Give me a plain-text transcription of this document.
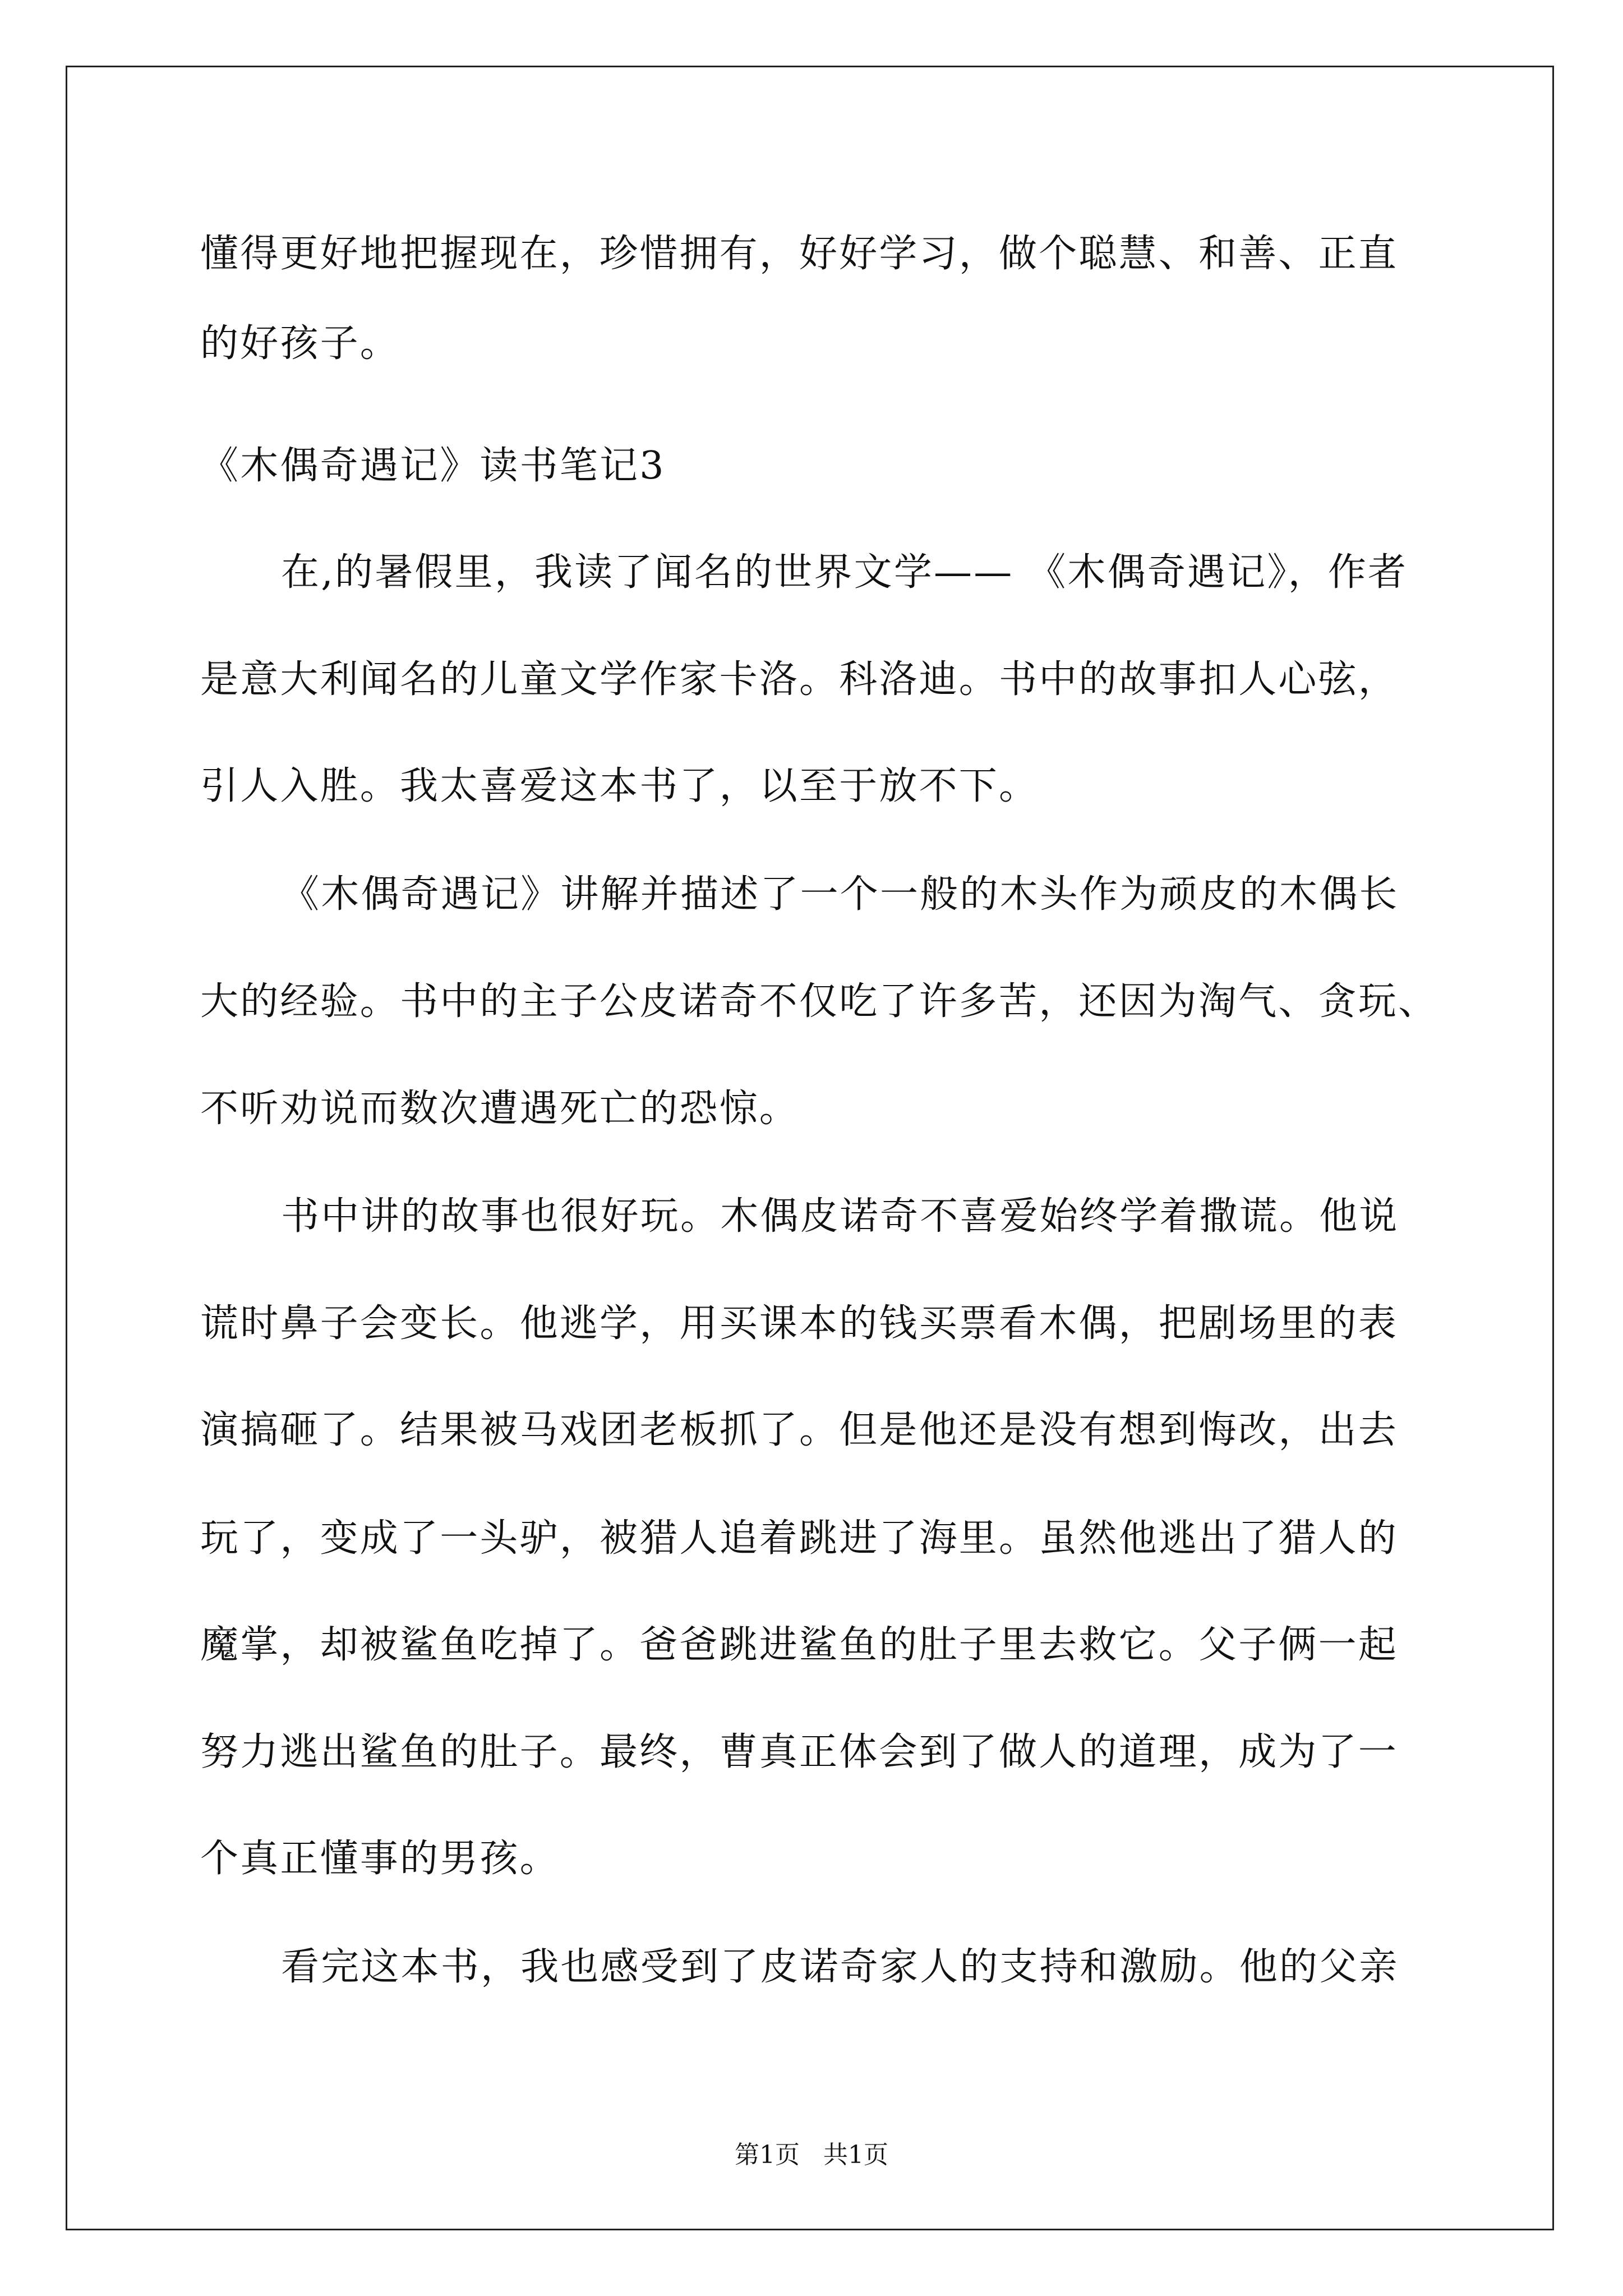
懂得更好地把握现在，珍惜拥有，好好学习，做个聪慧、和善、正直
的好孩子。
《木偶奇遇记》读书笔记3
在,的暑假里，我读了闻名的世界文学—— 《木偶奇遇记》，作者
是意大利闻名的儿童文学作家卡洛。科洛迪。书中的故事扣人心弦，
引人入胜。我太喜爱这本书了，以至于放不下。
《木偶奇遇记》讲解并描述了一个一般的木头作为顽皮的木偶长
大的经验。书中的主子公皮诺奇不仅吃了许多苦，还因为淘气、贪玩、
不听劝说而数次遭遇死亡的恐惊。
书中讲的故事也很好玩。木偶皮诺奇不喜爱始终学着撒谎。他说
谎时鼻子会变长。他逃学，用买课本的钱买票看木偶，把剧场里的表
演搞砸了。结果被马戏团老板抓了。但是他还是没有想到悔改，出去
玩了，变成了一头驴，被猎人追着跳进了海里。虽然他逃出了猎人的
魔掌，却被鲨鱼吃掉了。爸爸跳进鲨鱼的肚子里去救它。父子俩一起
努力逃出鲨鱼的肚子。最终，曹真正体会到了做人的道理，成为了一
个真正懂事的男孩。
看完这本书，我也感受到了皮诺奇家人的支持和激励。他的父亲
第1页   共1页
